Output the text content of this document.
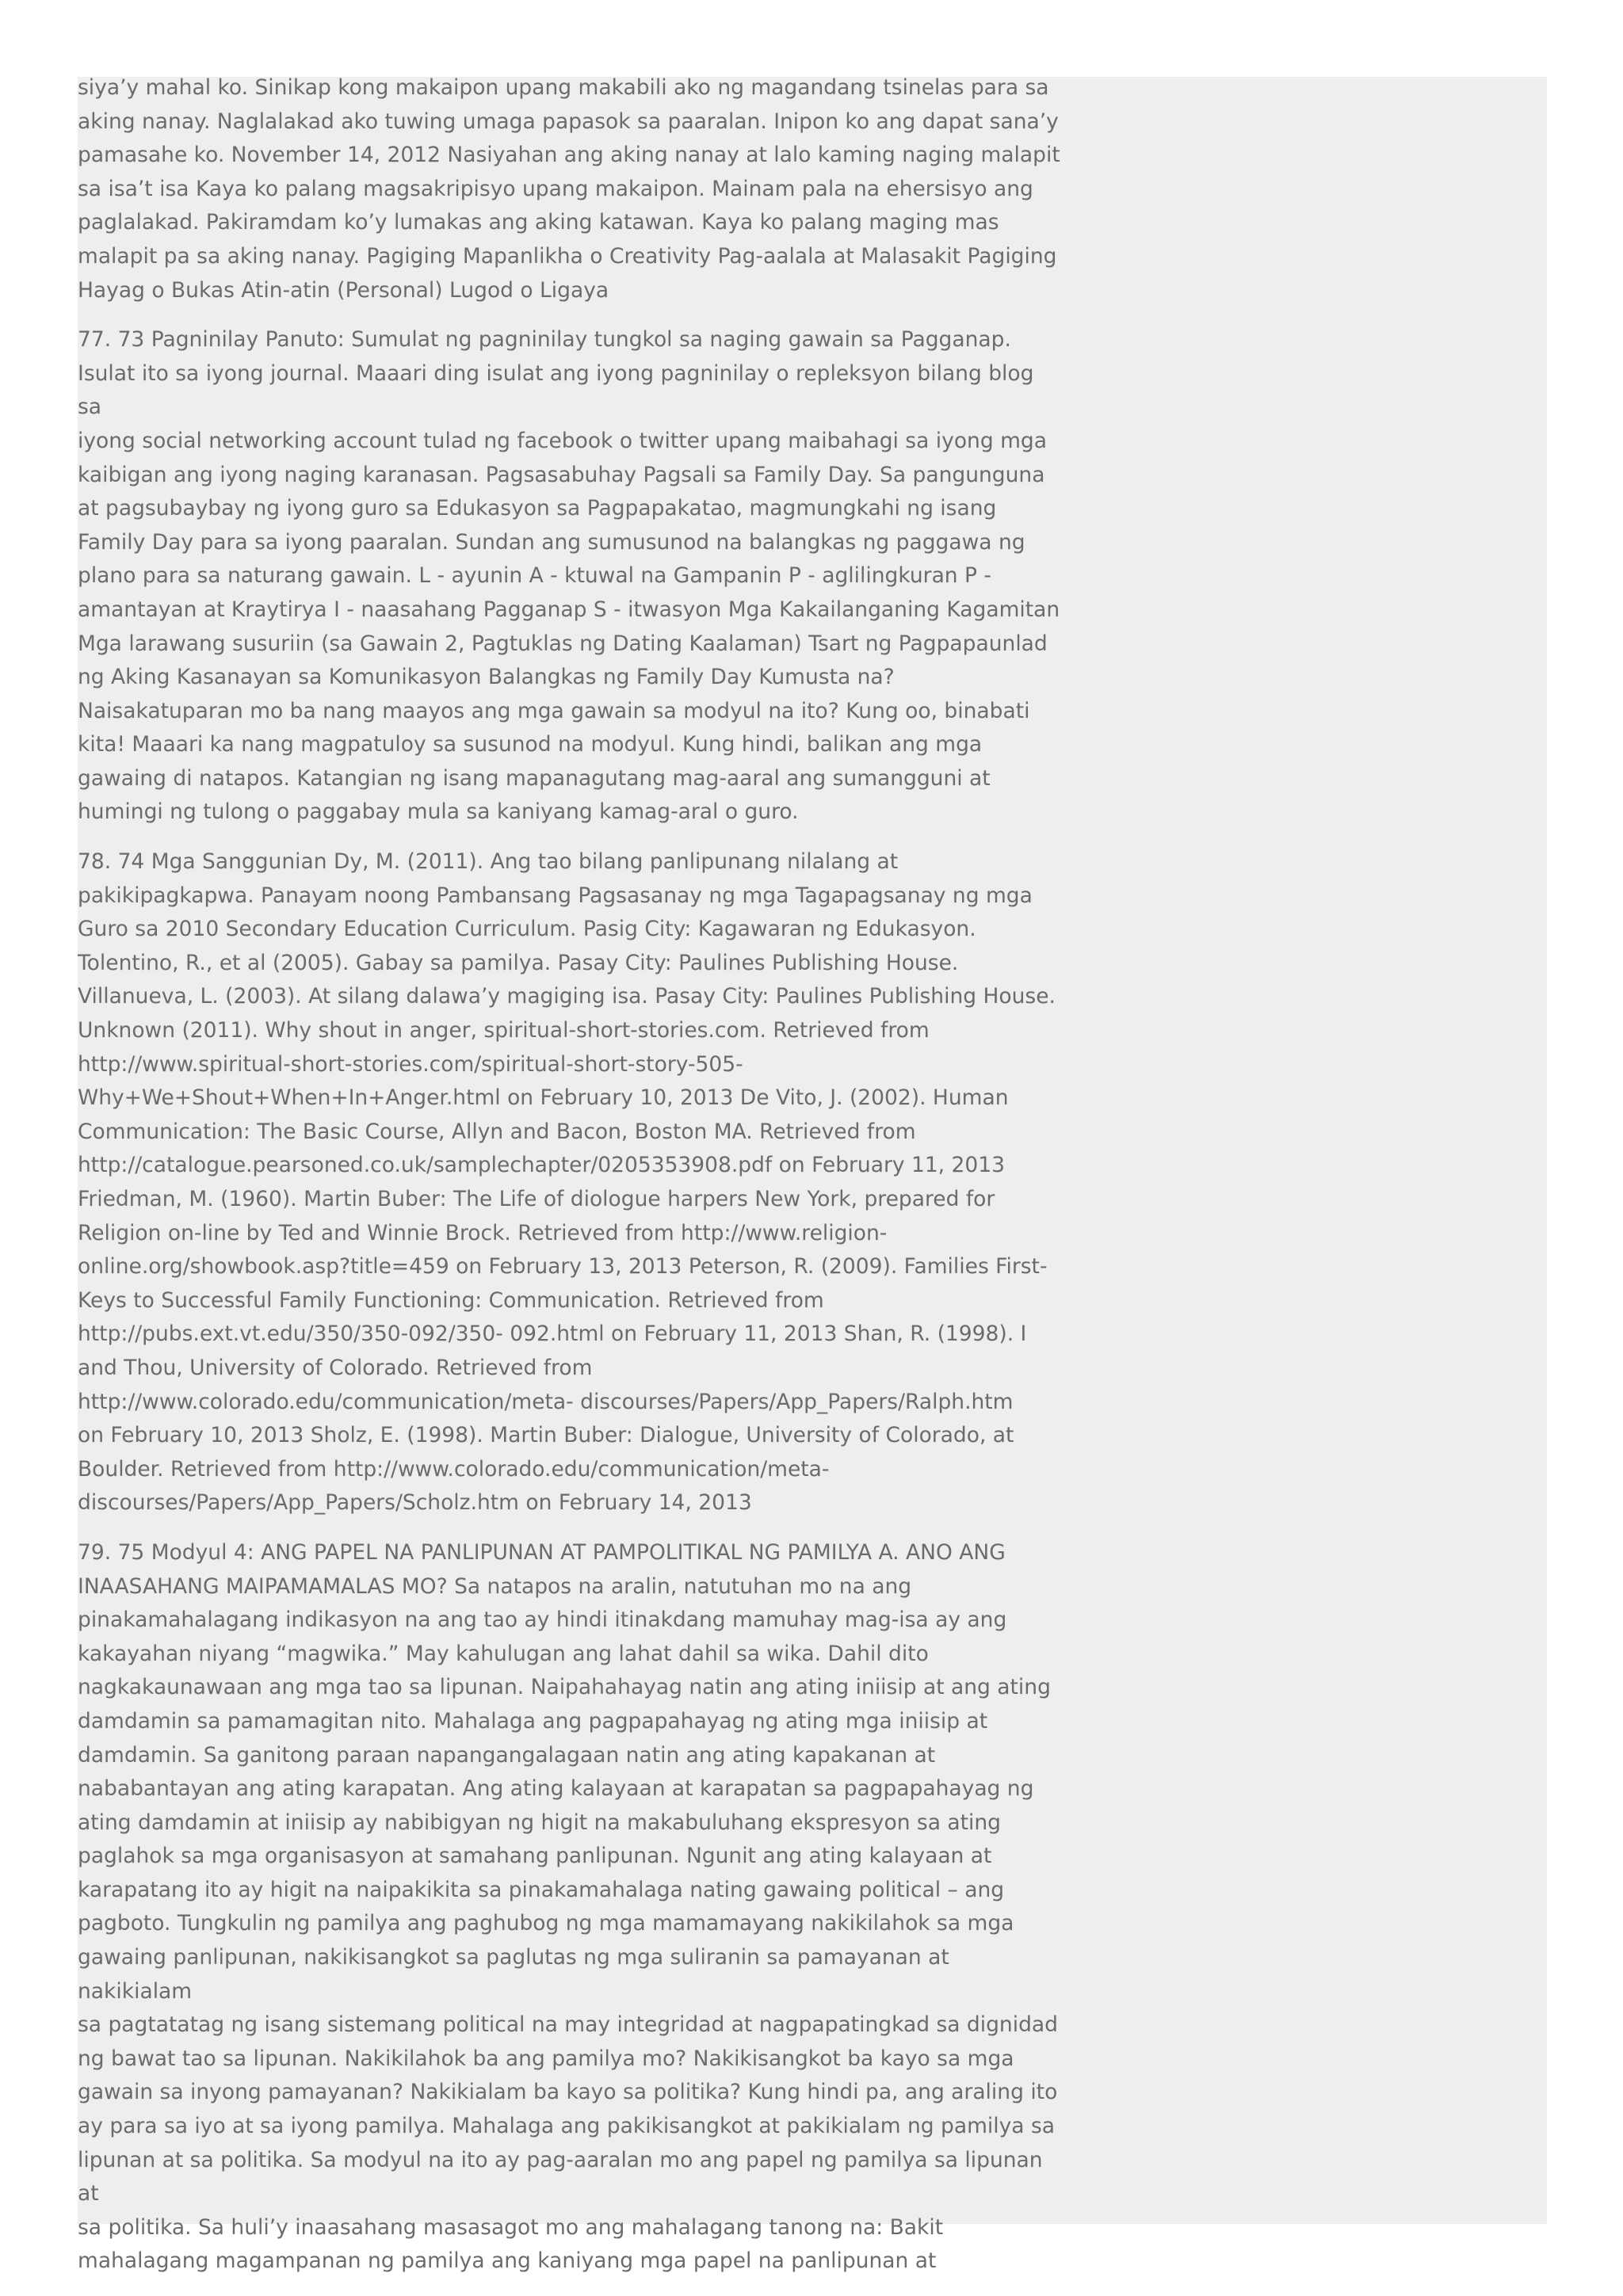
siya’y mahal ko. Sinikap kong makaipon upang makabili ako ng magandang tsinelas para sa
aking nanay. Naglalakad ako tuwing umaga papasok sa paaralan. Inipon ko ang dapat sana’y
pamasahe ko. November 14, 2012 Nasiyahan ang aking nanay at lalo kaming naging malapit
sa isa’t isa Kaya ko palang magsakripisyo upang makaipon. Mainam pala na ehersisyo ang
paglalakad. Pakiramdam ko’y lumakas ang aking katawan. Kaya ko palang maging mas
malapit pa sa aking nanay. Pagiging Mapanlikha o Creativity Pag-aalala at Malasakit Pagiging
Hayag o Bukas Atin-atin (Personal) Lugod o Ligaya

77. 73 Pagninilay Panuto: Sumulat ng pagninilay tungkol sa naging gawain sa Pagganap.
Isulat ito sa iyong journal. Maaari ding isulat ang iyong pagninilay o repleksyon bilang blog sa
iyong social networking account tulad ng facebook o twitter upang maibahagi sa iyong mga
kaibigan ang iyong naging karanasan. Pagsasabuhay Pagsali sa Family Day. Sa pangunguna
at pagsubaybay ng iyong guro sa Edukasyon sa Pagpapakatao, magmungkahi ng isang
Family Day para sa iyong paaralan. Sundan ang sumusunod na balangkas ng paggawa ng
plano para sa naturang gawain. L - ayunin A - ktuwal na Gampanin P - aglilingkuran P -
amantayan at Kraytirya I - naasahang Pagganap S - itwasyon Mga Kakailanganing Kagamitan
Mga larawang susuriin (sa Gawain 2, Pagtuklas ng Dating Kaalaman) Tsart ng Pagpapaunlad
ng Aking Kasanayan sa Komunikasyon Balangkas ng Family Day Kumusta na?
Naisakatuparan mo ba nang maayos ang mga gawain sa modyul na ito? Kung oo, binabati
kita! Maaari ka nang magpatuloy sa susunod na modyul. Kung hindi, balikan ang mga
gawaing di natapos. Katangian ng isang mapanagutang mag-aaral ang sumangguni at
humingi ng tulong o paggabay mula sa kaniyang kamag-aral o guro.

78. 74 Mga Sanggunian Dy, M. (2011). Ang tao bilang panlipunang nilalang at
pakikipagkapwa. Panayam noong Pambansang Pagsasanay ng mga Tagapagsanay ng mga
Guro sa 2010 Secondary Education Curriculum. Pasig City: Kagawaran ng Edukasyon.
Tolentino, R., et al (2005). Gabay sa pamilya. Pasay City: Paulines Publishing House.
Villanueva, L. (2003). At silang dalawa’y magiging isa. Pasay City: Paulines Publishing House.
Unknown (2011). Why shout in anger, spiritual-short-stories.com. Retrieved from
http://www.spiritual-short-stories.com/spiritual-short-story-505-
Why+We+Shout+When+In+Anger.html on February 10, 2013 De Vito, J. (2002). Human
Communication: The Basic Course, Allyn and Bacon, Boston MA. Retrieved from
http://catalogue.pearsoned.co.uk/samplechapter/0205353908.pdf on February 11, 2013
Friedman, M. (1960). Martin Buber: The Life of diologue harpers New York, prepared for
Religion on-line by Ted and Winnie Brock. Retrieved from http://www.religion-
online.org/showbook.asp?title=459 on February 13, 2013 Peterson, R. (2009). Families First-
Keys to Successful Family Functioning: Communication. Retrieved from
http://pubs.ext.vt.edu/350/350-092/350- 092.html on February 11, 2013 Shan, R. (1998). I
and Thou, University of Colorado. Retrieved from
http://www.colorado.edu/communication/meta- discourses/Papers/App_Papers/Ralph.htm
on February 10, 2013 Sholz, E. (1998). Martin Buber: Dialogue, University of Colorado, at
Boulder. Retrieved from http://www.colorado.edu/communication/meta-
discourses/Papers/App_Papers/Scholz.htm on February 14, 2013

79. 75 Modyul 4: ANG PAPEL NA PANLIPUNAN AT PAMPOLITIKAL NG PAMILYA A. ANO ANG
INAASAHANG MAIPAMAMALAS MO? Sa natapos na aralin, natutuhan mo na ang
pinakamahalagang indikasyon na ang tao ay hindi itinakdang mamuhay mag-isa ay ang
kakayahan niyang “magwika.” May kahulugan ang lahat dahil sa wika. Dahil dito
nagkakaunawaan ang mga tao sa lipunan. Naipahahayag natin ang ating iniisip at ang ating
damdamin sa pamamagitan nito. Mahalaga ang pagpapahayag ng ating mga iniisip at
damdamin. Sa ganitong paraan napangangalagaan natin ang ating kapakanan at
nababantayan ang ating karapatan. Ang ating kalayaan at karapatan sa pagpapahayag ng
ating damdamin at iniisip ay nabibigyan ng higit na makabuluhang ekspresyon sa ating
paglahok sa mga organisasyon at samahang panlipunan. Ngunit ang ating kalayaan at
karapatang ito ay higit na naipakikita sa pinakamahalaga nating gawaing political – ang
pagboto. Tungkulin ng pamilya ang paghubog ng mga mamamayang nakikilahok sa mga
gawaing panlipunan, nakikisangkot sa paglutas ng mga suliranin sa pamayanan at nakikialam
sa pagtatatag ng isang sistemang political na may integridad at nagpapatingkad sa dignidad
ng bawat tao sa lipunan. Nakikilahok ba ang pamilya mo? Nakikisangkot ba kayo sa mga
gawain sa inyong pamayanan? Nakikialam ba kayo sa politika? Kung hindi pa, ang araling ito
ay para sa iyo at sa iyong pamilya. Mahalaga ang pakikisangkot at pakikialam ng pamilya sa
lipunan at sa politika. Sa modyul na ito ay pag-aaralan mo ang papel ng pamilya sa lipunan at
sa politika. Sa huli’y inaasahang masasagot mo ang mahalagang tanong na: Bakit
mahalagang magampanan ng pamilya ang kaniyang mga papel na panlipunan at
